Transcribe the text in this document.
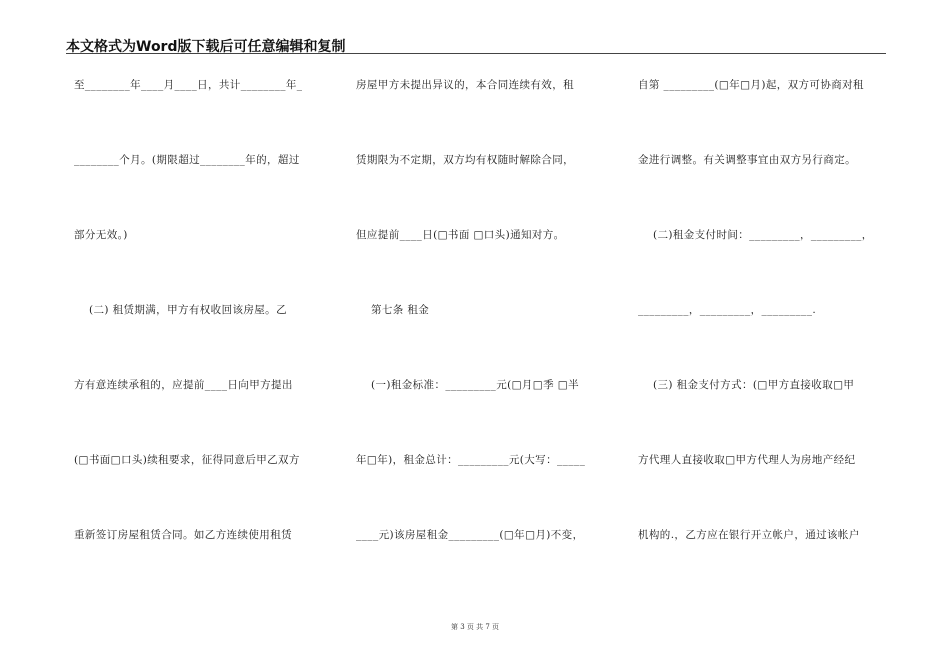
本文格式为Word版下载后可任意编辑和复制
至________年____月____日，共计________年_
________个月。(期限超过________年的，超过
部分无效。)
(二) 租赁期满，甲方有权收回该房屋。乙
方有意连续承租的，应提前____日向甲方提出
(□书面□口头)续租要求，征得同意后甲乙双方
重新签订房屋租赁合同。如乙方连续使用租赁
房屋甲方未提出异议的，本合同连续有效，租
赁期限为不定期，双方均有权随时解除合同，
但应提前____日(□书面 □口头)通知对方。
第七条 租金
(一)租金标准：_________元(□月□季 □半
年□年)，租金总计：_________元(大写：_____
____元)该房屋租金_________(□年□月)不变，
自第 _________(□年□月)起，双方可协商对租
金进行调整。有关调整事宜由双方另行商定。
(二)租金支付时间：_________，_________，
_________，_________，_________.
(三) 租金支付方式：(□甲方直接收取□甲
方代理人直接收取□甲方代理人为房地产经纪
机构的.，乙方应在银行开立帐户，通过该帐户
第 3 页 共 7 页
